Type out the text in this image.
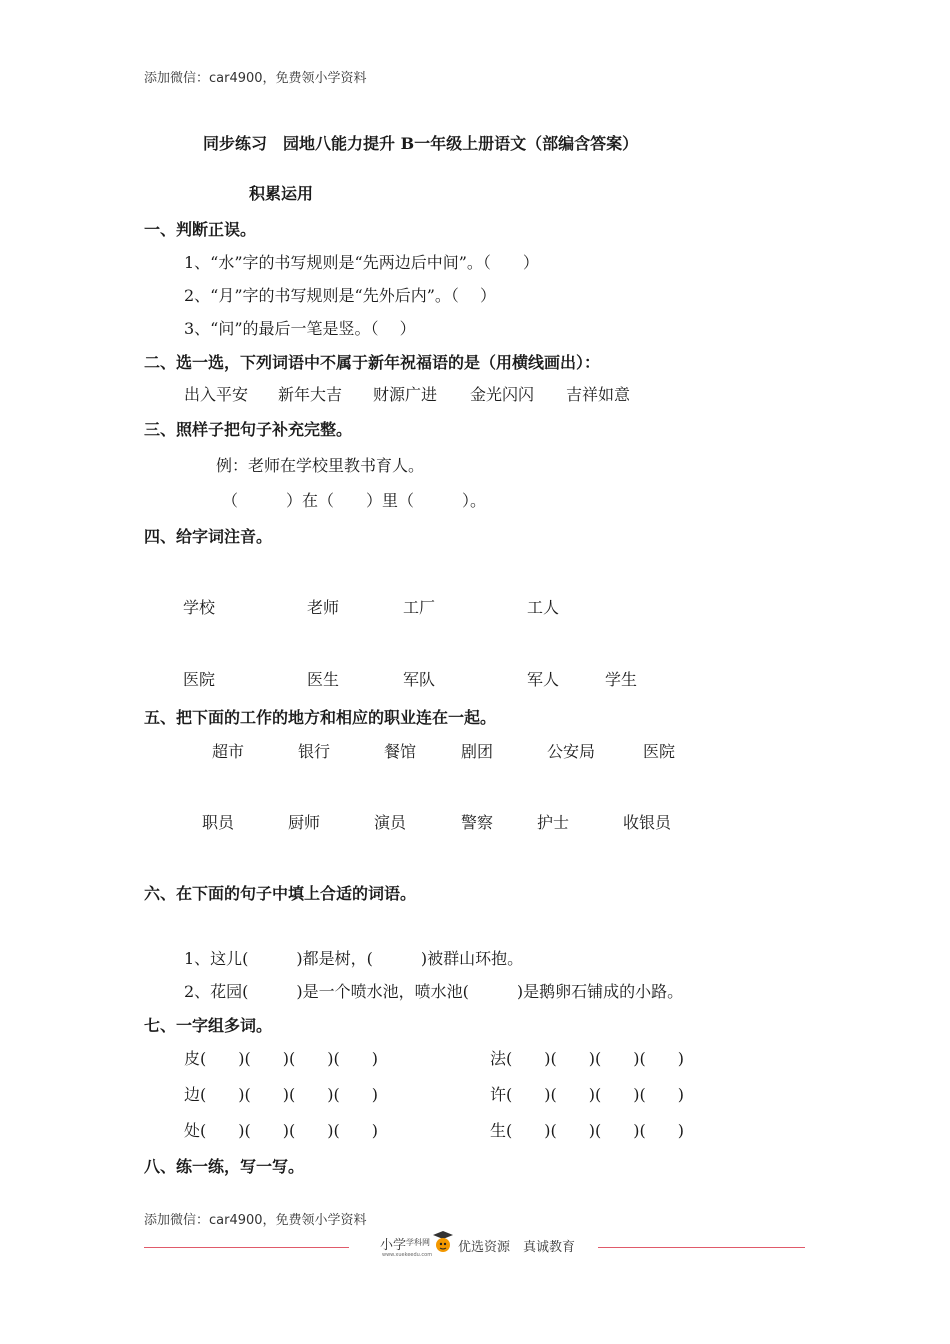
添加微信：car4900，免费领小学资料
同步练习　园地八能力提升 B一年级上册语文（部编含答案）
积累运用
一、判断正误。
1、“水”字的书写规则是“先两边后中间”。（　　）
2、“月”字的书写规则是“先外后内”。（　 ）
3、“问”的最后一笔是竖。（　 ）
二、选一选，下列词语中不属于新年祝福语的是（用横线画出）：
出入平安 新年大吉 财源广进 金光闪闪 吉祥如意
三、照样子把句子补充完整。
例：老师在学校里教书育人。
（　　　）在（　　）里（　　　）。
四、给字词注音。
学校	老师	工厂	工人
医院	医生	军队	军人	学生
五、把下面的工作的地方和相应的职业连在一起。
超市	银行	餐馆	剧团	公安局	医院
职员	厨师	演员	警察	护士	收银员
六、在下面的句子中填上合适的词语。
1、这儿(　　　)都是树，(　　　)被群山环抱。
2、花园(　　　)是一个喷水池，喷水池(　　　)是鹅卵石铺成的小路。
七、一字组多词。
皮(　　)(　　)(　　)(　　)	法(　　)(　　)(　　)(　　)
边(　　)(　　)(　　)(　　)	许(　　)(　　)(　　)(　　)
处(　　)(　　)(　　)(　　)	生(　　)(　　)(　　)(　　)
八、练一练，写一写。
添加微信：car4900，免费领小学资料
小学 学科网
www.xuekeedu.com 优选资源　真诚教育
